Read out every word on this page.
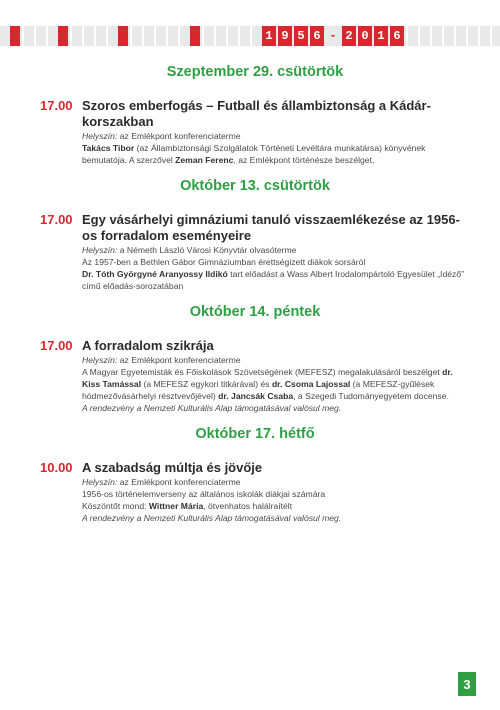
1 9 5 6 - 2 0 1 6

Szeptember 29. csütörtök

17.00 Szoros emberfogás – Futball és állambiztonság a Kádár-korszakban

Helyszín: az Emlékpont konferenciaterme

Takács Tibor (az Állambiztonsági Szolgálatok Történeti Levéltára munkatársa) könyvének bemutatója. A szerzővel Zeman Ferenc, az Emlékpont történésze beszélget.

Október 13. csütörtök

17.00 Egy vásárhelyi gimnáziumi tanuló visszaemlékezése az 1956-os forradalom eseményeire

Helyszín: a Németh László Városi Könyvtár olvasóterme

Az 1957-ben a Bethlen Gábor Gimnáziumban érettségizett diákok sorsáról

Dr. Tóth Györgyné Aranyossy Ildikó tart előadást a Wass Albert Irodalompártoló Egyesület „Idéző” című előadás-sorozatában

Október 14. péntek

17.00 A forradalom szikrája

Helyszín: az Emlékpont konferenciaterme

A Magyar Egyetemisták és Főiskolások Szövetségének (MEFESZ) megalakulásáról beszélget dr. Kiss Tamással (a MEFESZ egykori titkárával) és dr. Csoma Lajossal (a MEFESZ-gyűlések hódmezővásárhelyi résztvevőjével) dr. Jancsák Csaba, a Szegedi Tudományegyetem docense.

A rendezvény a Nemzeti Kulturális Alap támogatásával valósul meg.

Október 17. hétfő

10.00 A szabadság múltja és jövője

Helyszín: az Emlékpont konferenciaterme

1956-os történelemverseny az általános iskolák diákjai számára

Köszöntőt mond: Wittner Mária, ötvenhatos halálraítélt

A rendezvény a Nemzeti Kulturális Alap támogatásával valósul meg.

3
